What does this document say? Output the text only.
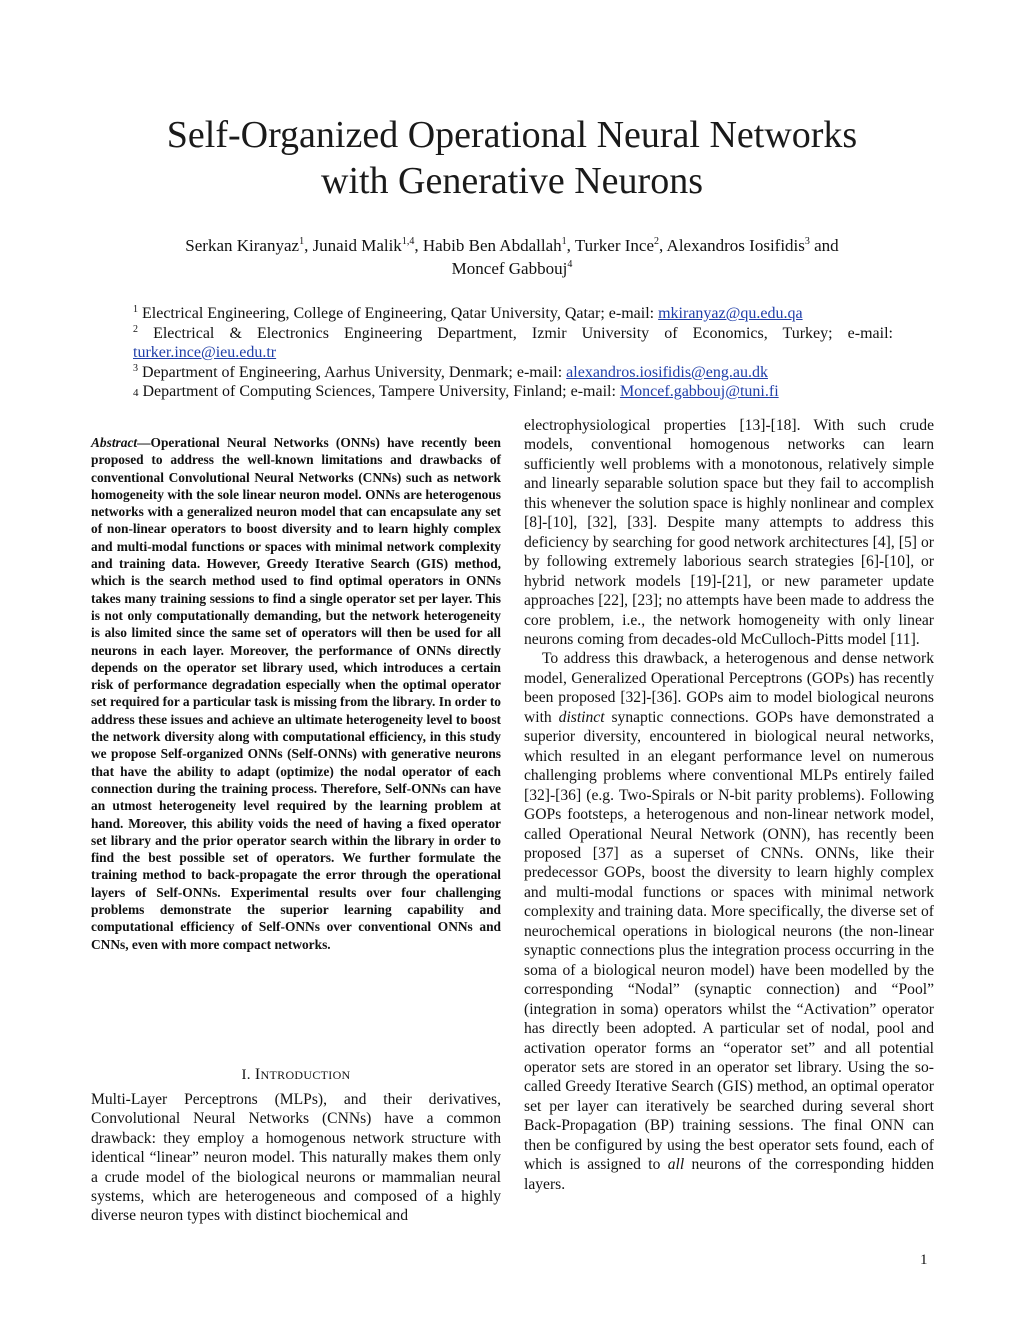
Self-Organized Operational Neural Networks
with Generative Neurons
Serkan Kiranyaz$^1$, Junaid Malik$^{1,4}$, Habib Ben Abdallah$^1$, Turker Ince$^2$, Alexandros Iosifidis$^3$ and
Moncef Gabbouj$^4$
$^1$ Electrical Engineering, College of Engineering, Qatar University, Qatar; e-mail: mkiranyaz@qu.edu.qa
$^2$ Electrical & Electronics Engineering Department, Izmir University of Economics, Turkey; e-mail:
turker.ince@ieu.edu.tr
$^3$ Department of Engineering, Aarhus University, Denmark; e-mail: alexandros.iosifidis@eng.au.dk
4 Department of Computing Sciences, Tampere University, Finland; e-mail: Moncef.gabbouj@tuni.fi
Abstract—Operational Neural Networks (ONNs) have recently been proposed to address the well-known limitations and drawbacks of conventional Convolutional Neural Networks (CNNs) such as network homogeneity with the sole linear neuron model. ONNs are heterogenous networks with a generalized neuron model that can encapsulate any set of non-linear operators to boost diversity and to learn highly complex and multi-modal functions or spaces with minimal network complexity and training data. However, Greedy Iterative Search (GIS) method, which is the search method used to find optimal operators in ONNs takes many training sessions to find a single operator set per layer. This is not only computationally demanding, but the network heterogeneity is also limited since the same set of operators will then be used for all neurons in each layer. Moreover, the performance of ONNs directly depends on the operator set library used, which introduces a certain risk of performance degradation especially when the optimal operator set required for a particular task is missing from the library. In order to address these issues and achieve an ultimate heterogeneity level to boost the network diversity along with computational efficiency, in this study we propose Self-organized ONNs (Self-ONNs) with generative neurons that have the ability to adapt (optimize) the nodal operator of each connection during the training process. Therefore, Self-ONNs can have an utmost heterogeneity level required by the learning problem at hand. Moreover, this ability voids the need of having a fixed operator set library and the prior operator search within the library in order to find the best possible set of operators. We further formulate the training method to back-propagate the error through the operational layers of Self-ONNs. Experimental results over four challenging problems demonstrate the superior learning capability and computational efficiency of Self-ONNs over conventional ONNs and CNNs, even with more compact networks.
I. INTRODUCTION
Multi-Layer Perceptrons (MLPs), and their derivatives, Convolutional Neural Networks (CNNs) have a common drawback: they employ a homogenous network structure with identical “linear” neuron model. This naturally makes them only a crude model of the biological neurons or mammalian neural systems, which are heterogeneous and composed of a highly diverse neuron types with distinct biochemical and

electrophysiological properties [13]-[18]. With such crude models, conventional homogenous networks can learn sufficiently well problems with a monotonous, relatively simple and linearly separable solution space but they fail to accomplish this whenever the solution space is highly nonlinear and complex [8]-[10], [32], [33]. Despite many attempts to address this deficiency by searching for good network architectures [4], [5] or by following extremely laborious search strategies [6]-[10], or hybrid network models [19]-[21], or new parameter update approaches [22], [23]; no attempts have been made to address the core problem, i.e., the network homogeneity with only linear neurons coming from decades-old McCulloch-Pitts model [11].

To address this drawback, a heterogenous and dense network model, Generalized Operational Perceptrons (GOPs) has recently been proposed [32]-[36]. GOPs aim to model biological neurons with distinct synaptic connections. GOPs have demonstrated a superior diversity, encountered in biological neural networks, which resulted in an elegant performance level on numerous challenging problems where conventional MLPs entirely failed [32]-[36] (e.g. Two-Spirals or N-bit parity problems). Following GOPs footsteps, a heterogenous and non-linear network model, called Operational Neural Network (ONN), has recently been proposed [37] as a superset of CNNs. ONNs, like their predecessor GOPs, boost the diversity to learn highly complex and multi-modal functions or spaces with minimal network complexity and training data. More specifically, the diverse set of neurochemical operations in biological neurons (the non-linear synaptic connections plus the integration process occurring in the soma of a biological neuron model) have been modelled by the corresponding “Nodal” (synaptic connection) and “Pool” (integration in soma) operators whilst the “Activation” operator has directly been adopted. A particular set of nodal, pool and activation operator forms an “operator set” and all potential operator sets are stored in an operator set library. Using the so-called Greedy Iterative Search (GIS) method, an optimal operator set per layer can iteratively be searched during several short Back-Propagation (BP) training sessions. The final ONN can then be configured by using the best operator sets found, each of which is assigned to all neurons of the corresponding hidden layers.

1
